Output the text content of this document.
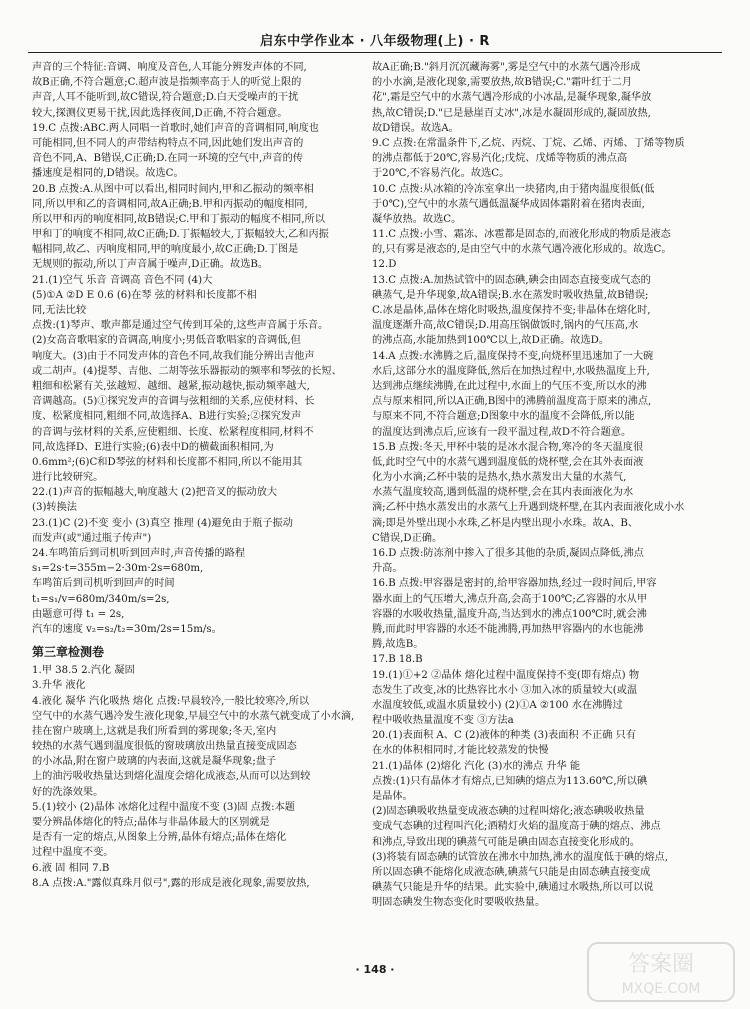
启东中学作业本 · 八年级物理(上) · R
声音的三个特征:音调、响度及音色,人耳能分辨发声体的不同,
故B正确,不符合题意;C.超声波是指频率高于人的听觉上限的
声音,人耳不能听到,故C错误,符合题意;D.白天受噪声的干扰
较大,探测仪更易干扰,因此选择夜间,D正确,不符合题意。
19.C 点拨:ABC.两人同唱一首歌时,她们声音的音调相同,响度也
可能相同,但不同人的声带结构特点不同,因此她们发出声音的
音色不同,A、B错误,C正确;D.在同一环境的空气中,声音的传
播速度是相同的,D错误。故选C。
20.B 点拨:A.从图中可以看出,相同时间内,甲和乙振动的频率相
同,所以甲和乙的音调相同,故A正确;B.甲和丙振动的幅度相同,
所以甲和丙的响度相同,故B错误;C.甲和丁振动的幅度不相同,所以
甲和丁的响度不相同,故C正确;D.丁振幅较大,丁振幅较大,乙和丙振
幅相同,故乙、丙响度相同,甲的响度最小,故C正确;D.丁图是
无规则的振动,所以丁声音属于噪声,D正确。故选B。
21.(1)空气 乐音 音调高 音色不同 (4)大
(5)①A ②D E 0.6 (6)在琴 弦的材料和长度都不相
同,无法比较
点拨:(1)琴声、歌声都是通过空气传到耳朵的,这些声音属于乐音。
(2)女高音歌唱家的音调高,响度小;男低音歌唱家的音调低,但
响度大。(3)由于不同发声体的音色不同,故我们能分辨出吉他声
或二胡声。(4)提琴、吉他、二胡等弦乐器振动的频率和琴弦的长短、
粗细和松紧有关,弦越短、越细、越紧,振动越快,振动频率越大,
音调越高。(5)①探究发声的音调与弦粗细的关系,应使材料、长
度、松紧度相同,粗细不同,故选择A、B进行实验;②探究发声
的音调与弦材料的关系,应使粗细、长度、松紧程度相同,材料不
同,故选择D、E进行实验;(6)表中D的横截面积相同,为
0.6mm²;(6)C和D琴弦的材料和长度都不相同,所以不能用其
进行比较研究。
22.(1)声音的振幅越大,响度越大 (2)把音叉的振动放大
(3)转换法
23.(1)C (2)不变 变小 (3)真空 推理 (4)避免由于瓶子振动
而发声(或"通过瓶子传声")
24.车鸣笛后到司机听到回声时,声音传播的路程
s₁=2s·t=355m−2·30m·2s=680m,
车鸣笛后到司机听到回声的时间
t₁=s₁/v=680m/340m/s=2s,
由题意可得 t₁ = 2s,
汽车的速度 v₂=s₂/t₂=30m/2s=15m/s。
第三章检测卷
1.甲 38.5 2.汽化 凝固
3.升华 液化
4.液化 凝华 汽化吸热 熔化 点拨:早晨较冷,一般比较寒冷,所以
空气中的水蒸气遇冷发生液化现象,早晨空气中的水蒸气就变成了小水滴,
挂在窗户玻璃上,这就是我们所看到的雾现象;冬天,室内
较热的水蒸气遇到温度很低的窗玻璃放出热量直接变成固态
的小冰晶,附在窗户玻璃的内表面,这就是凝华现象;盘子
上的油污吸收热量达到熔化温度会熔化成液态,从而可以达到较
好的洗涤效果。
5.(1)较小 (2)晶体 冰熔化过程中温度不变 (3)固 点拨:本题
要分辨晶体熔化的特点;晶体与非晶体最大的区别就是
是否有一定的熔点,从图象上分辨,晶体有熔点;晶体在熔化
过程中温度不变。
6.液 固 相同 7.B
8.A 点拨:A."露似真珠月似弓",露的形成是液化现象,需要放热,
故A正确;B."斜月沉沉藏海雾",雾是空气中的水蒸气遇冷形成
的小水滴,是液化现象,需要放热,故B错误;C."霜叶红于二月
花",霜是空气中的水蒸气遇冷形成的小冰晶,是凝华现象,凝华放
热,故C错误;D."已是悬崖百丈冰",冰是水凝固形成的,凝固放热,
故D错误。故选A。
9.C 点拨:在常温条件下,乙烷、丙烷、丁烷、乙烯、丙烯、丁烯等物质
的沸点都低于20℃,容易汽化;戊烷、戊烯等物质的沸点高
于20℃,不容易汽化。故选C。
10.C 点拨:从冰箱的冷冻室拿出一块猪肉,由于猪肉温度很低(低
于0℃),空气中的水蒸气遇低温凝华成固体霜附着在猪肉表面,
凝华放热。故选C。
11.C 点拨:小雪、霜冻、冰雹都是固态的,而液化形成的物质是液态
的,只有雾是液态的,是由空气中的水蒸气遇冷液化形成的。故选C。
12.D
13.C 点拨:A.加热试管中的固态碘,碘会由固态直接变成气态的
碘蒸气,是升华现象,故A错误;B.水在蒸发时吸收热量,故B错误;
C.冰是晶体,晶体在熔化时吸热,温度保持不变;非晶体在熔化时,
温度逐渐升高,故C错误;D.用高压锅做饭时,锅内的气压高,水
的沸点高,水能加热到100℃以上,故D正确。故选D。
14.A 点拨:水沸腾之后,温度保持不变,向烧杯里迅速加了一大碗
水后,这部分水的温度降低,然后在加热过程中,水吸热温度上升,
达到沸点继续沸腾,在此过程中,水面上的气压不变,所以水的沸
点与原来相同,所以A正确,B图中的沸腾前温度高于原来的沸点,
与原来不同,不符合题意;D图象中水的温度不会降低,所以能
的温度达到沸点后,应该有一段平温过程,故D不符合题意。
15.B 点拨:冬天,甲杯中装的是冰水混合物,寒冷的冬天温度很
低,此时空气中的水蒸气遇到温度低的烧杯壁,会在其外表面液
化为小水滴;乙杯中装的是热水,热水蒸发出大量的水蒸气,
水蒸气温度较高,遇到低温的烧杯壁,会在其内表面液化为水
滴;乙杯中热水蒸发出的水蒸气上升遇到烧杯壁,在其内表面液化成小水
滴;即是外壁出现小水珠,乙杯是内壁出现小水珠。故A、B、
C错误,D正确。
16.D 点拨:防冻剂中掺入了很多其他的杂质,凝固点降低,沸点
升高。
16.B 点拨:甲容器是密封的,给甲容器加热,经过一段时间后,甲容
器水面上的气压增大,沸点升高,会高于100℃;乙容器的水从甲
容器的水吸收热量,温度升高,当达到水的沸点100℃时,就会沸
腾,而此时甲容器的水还不能沸腾,再加热甲容器内的水也能沸
腾,故选B。
17.B 18.B
19.(1)①+2 ②晶体 熔化过程中温度保持不变(即有熔点) 物
态发生了改变,冰的比热容比水小 ③加入冰的质量较大(或温
水温度较低,或温水质量较小) (2)①A ②100 水在沸腾过
程中吸收热量温度不变 ③方法a
20.(1)表面积 A、C (2)液体的种类 (3)表面积 不正确 只有
在水的体积相同时,才能比较蒸发的快慢
21.(1)晶体 (2)熔化 汽化 (3)水的沸点 升华 能
点拨:(1)只有晶体才有熔点,已知碘的熔点为113.60℃,所以碘
是晶体。
(2)固态碘吸收热量变成液态碘的过程叫熔化;液态碘吸收热量
变成气态碘的过程叫汽化;酒精灯火焰的温度高于碘的熔点、沸点
和沸点,导致出现的碘蒸气可能是碘由固态直接变化形成的。
(3)将装有固态碘的试管放在沸水中加热,沸水的温度低于碘的熔点,
所以固态碘不能熔化成液态碘,碘蒸气只能是由固态碘直接变成
碘蒸气只能是升华的结果。此实验中,碘通过水吸热,所以可以说
明固态碘发生物态变化时要吸收热量。
· 148 ·	答案圈
MXQE.COM
